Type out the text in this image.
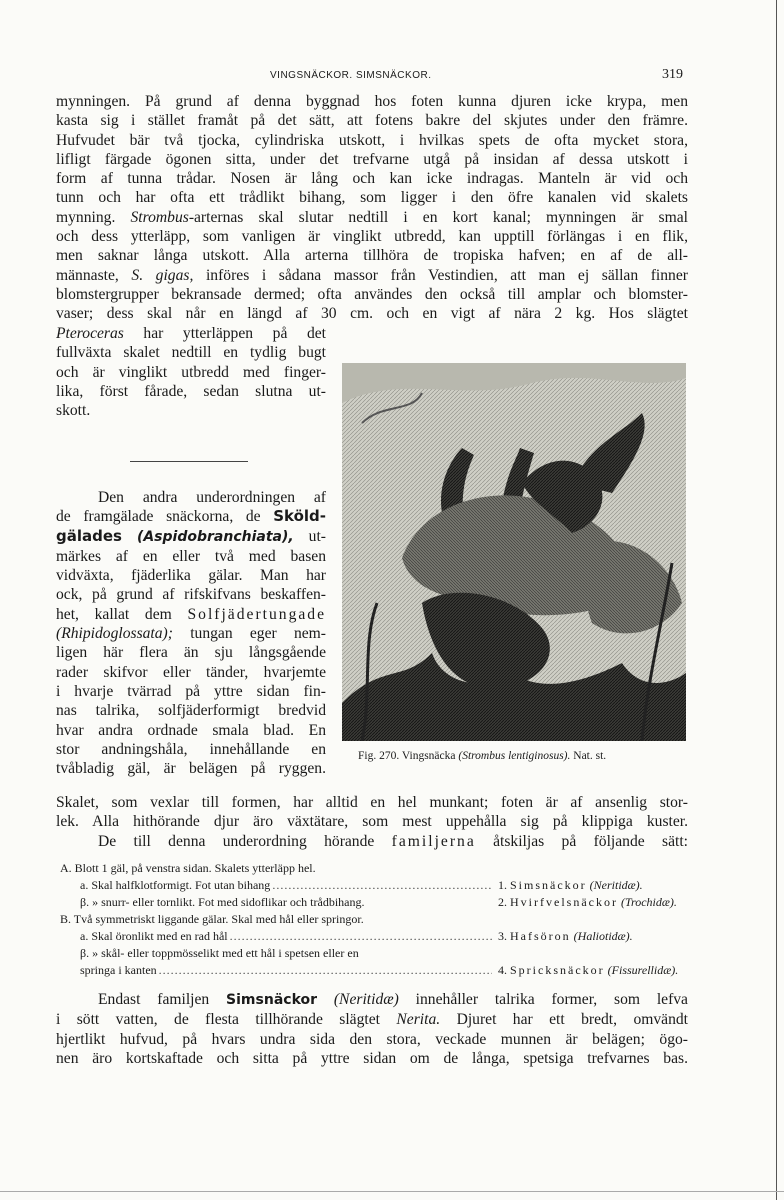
VINGSNÄCKOR. SIMSNÄCKOR.	319
mynningen. På grund af denna byggnad hos foten kunna djuren icke krypa, men
kasta sig i stället framåt på det sätt, att fotens bakre del skjutes under den främre.
Hufvudet bär två tjocka, cylindriska utskott, i hvilkas spets de ofta mycket stora,
lifligt färgade ögonen sitta, under det trefvarne utgå på insidan af dessa utskott i
form af tunna trådar. Nosen är lång och kan icke indragas. Manteln är vid och
tunn och har ofta ett trådlikt bihang, som ligger i den öfre kanalen vid skalets
mynning. Strombus-arternas skal slutar nedtill i en kort kanal; mynningen är smal
och dess ytterläpp, som vanligen är vinglikt utbredd, kan upptill förlängas i en flik,
men saknar långa utskott. Alla arterna tillhöra de tropiska hafven; en af de all-
männaste, S. gigas, införes i sådana massor från Vestindien, att man ej sällan finner
blomstergrupper bekransade dermed; ofta användes den också till amplar och blomster-
vaser; dess skal når en längd af 30 cm. och en vigt af nära 2 kg. Hos slägtet
Pteroceras har ytterläppen på det
fullväxta skalet nedtill en tydlig bugt
och är vinglikt utbredd med finger-
lika, först fårade, sedan slutna ut-
skott.
Den andra underordningen af
de framgälade snäckorna, de Sköld-
gälades (Aspidobranchiata), ut-
märkes af en eller två med basen
vidväxta, fjäderlika gälar. Man har
ock, på grund af rifskifvans beskaffen-
het, kallat dem Solfjädertungade
(Rhipidoglossata); tungan eger nem-
ligen här flera än sju långsgående
rader skifvor eller tänder, hvarjemte
i hvarje tvärrad på yttre sidan fin-
nas talrika, solfjäderformigt bredvid
hvar andra ordnade smala blad. En
stor andningshåla, innehållande en
tvåbladig gäl, är belägen på ryggen.
Fig. 270. Vingsnäcka (Strombus lentiginosus). Nat. st.
Skalet, som vexlar till formen, har alltid en hel munkant; foten är af ansenlig stor-
lek. Alla hithörande djur äro växtätare, som mest uppehålla sig på klippiga kuster.
De till denna underordning hörande familjerna åtskiljas på följande sätt:
A. Blott 1 gäl, på venstra sidan. Skalets ytterläpp hel.
a. Skal halfklotformigt. Fot utan bihang .....	1. Simsnäckor (Neritidæ).
β. » snurr- eller tornlikt. Fot med sidoflikar och trådbihang.	2. Hvirfvelsnäckor (Trochidæ).
B. Två symmetriskt liggande gälar. Skal med hål eller springor.
a. Skal öronlikt med en rad hål .....	3. Hafsöron (Haliotidæ).
β. » skål- eller toppmösselikt med ett hål i spetsen eller en
springa i kanten .....	4. Spricksnäckor (Fissurellidæ).
Endast familjen Simsnäckor (Neritidæ) innehåller talrika former, som lefva
i sött vatten, de flesta tillhörande slägtet Nerita. Djuret har ett bredt, omvändt
hjertlikt hufvud, på hvars undra sida den stora, veckade munnen är belägen; ögo-
nen äro kortskaftade och sitta på yttre sidan om de långa, spetsiga trefvarnes bas.
